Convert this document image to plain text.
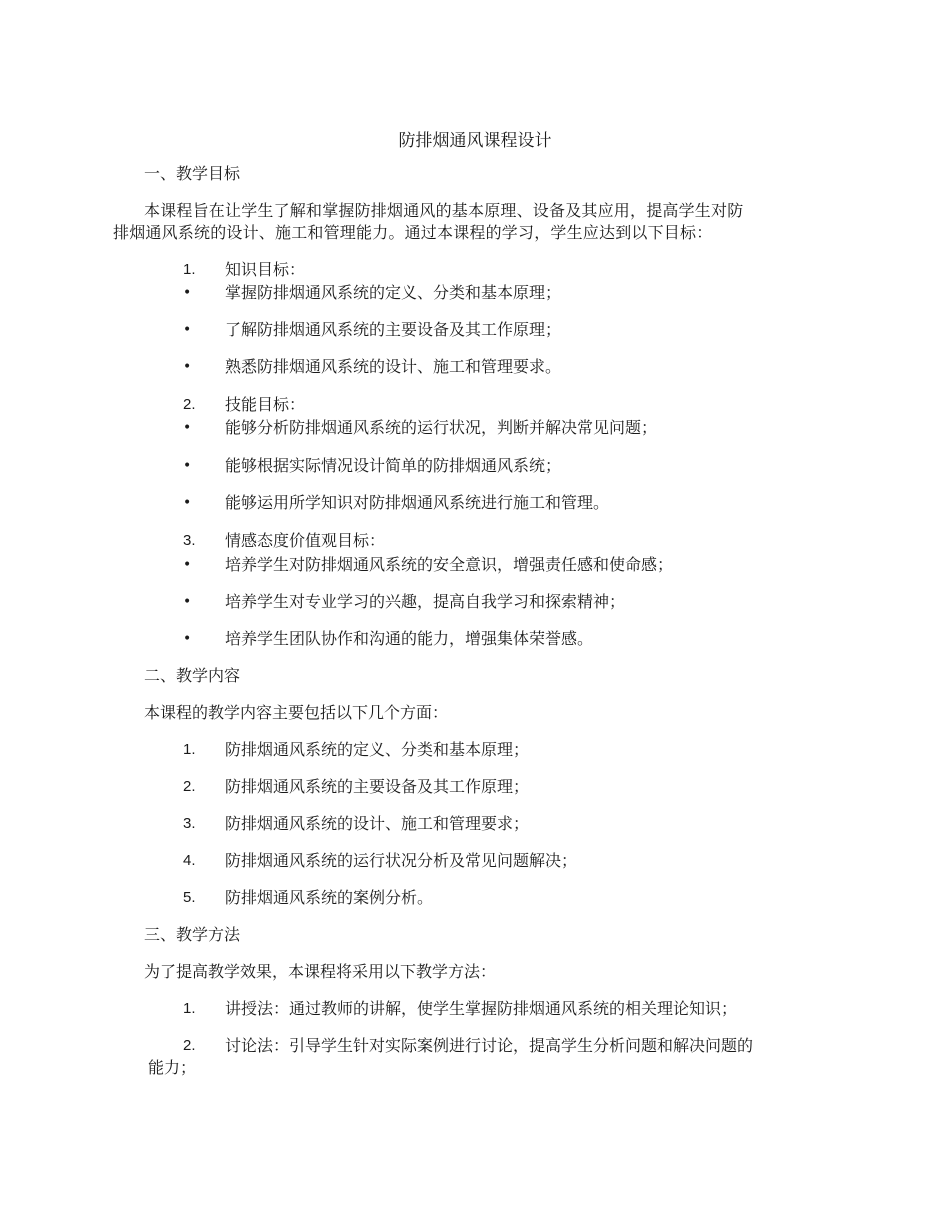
防排烟通风课程设计
一、教学目标
本课程旨在让学生了解和掌握防排烟通风的基本原理、设备及其应用，提高学生对防
排烟通风系统的设计、施工和管理能力。通过本课程的学习，学生应达到以下目标：
1.	知识目标：
• 掌握防排烟通风系统的定义、分类和基本原理；
• 了解防排烟通风系统的主要设备及其工作原理；
• 熟悉防排烟通风系统的设计、施工和管理要求。
2.	技能目标：
• 能够分析防排烟通风系统的运行状况，判断并解决常见问题；
• 能够根据实际情况设计简单的防排烟通风系统；
• 能够运用所学知识对防排烟通风系统进行施工和管理。
3.	情感态度价值观目标：
• 培养学生对防排烟通风系统的安全意识，增强责任感和使命感；
• 培养学生对专业学习的兴趣，提高自我学习和探索精神；
• 培养学生团队协作和沟通的能力，增强集体荣誉感。
二、教学内容
本课程的教学内容主要包括以下几个方面：
1.	防排烟通风系统的定义、分类和基本原理；
2.	防排烟通风系统的主要设备及其工作原理；
3.	防排烟通风系统的设计、施工和管理要求；
4.	防排烟通风系统的运行状况分析及常见问题解决；
5.	防排烟通风系统的案例分析。
三、教学方法
为了提高教学效果，本课程将采用以下教学方法：
1.	讲授法：通过教师的讲解，使学生掌握防排烟通风系统的相关理论知识；
2.	讨论法：引导学生针对实际案例进行讨论，提高学生分析问题和解决问题的
能力；
